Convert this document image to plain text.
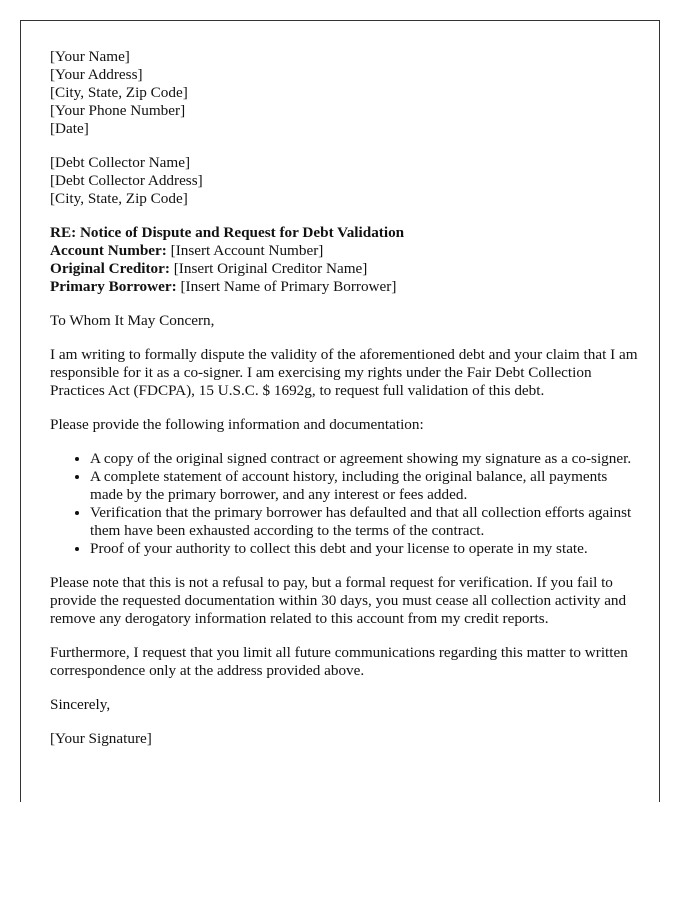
[Your Name]
[Your Address]
[City, State, Zip Code]
[Your Phone Number]
[Date]
[Debt Collector Name]
[Debt Collector Address]
[City, State, Zip Code]
RE: Notice of Dispute and Request for Debt Validation
Account Number: [Insert Account Number]
Original Creditor: [Insert Original Creditor Name]
Primary Borrower: [Insert Name of Primary Borrower]

To Whom It May Concern,

I am writing to formally dispute the validity of the aforementioned debt and your claim that I am responsible for it as a co-signer. I am exercising my rights under the Fair Debt Collection Practices Act (FDCPA), 15 U.S.C. $ 1692g, to request full validation of this debt.

Please provide the following information and documentation:

• A copy of the original signed contract or agreement showing my signature as a co-signer.
• A complete statement of account history, including the original balance, all payments made by the primary borrower, and any interest or fees added.
• Verification that the primary borrower has defaulted and that all collection efforts against them have been exhausted according to the terms of the contract.
• Proof of your authority to collect this debt and your license to operate in my state.

Please note that this is not a refusal to pay, but a formal request for verification. If you fail to provide the requested documentation within 30 days, you must cease all collection activity and remove any derogatory information related to this account from my credit reports.

Furthermore, I request that you limit all future communications regarding this matter to written correspondence only at the address provided above.

Sincerely,

[Your Signature]
